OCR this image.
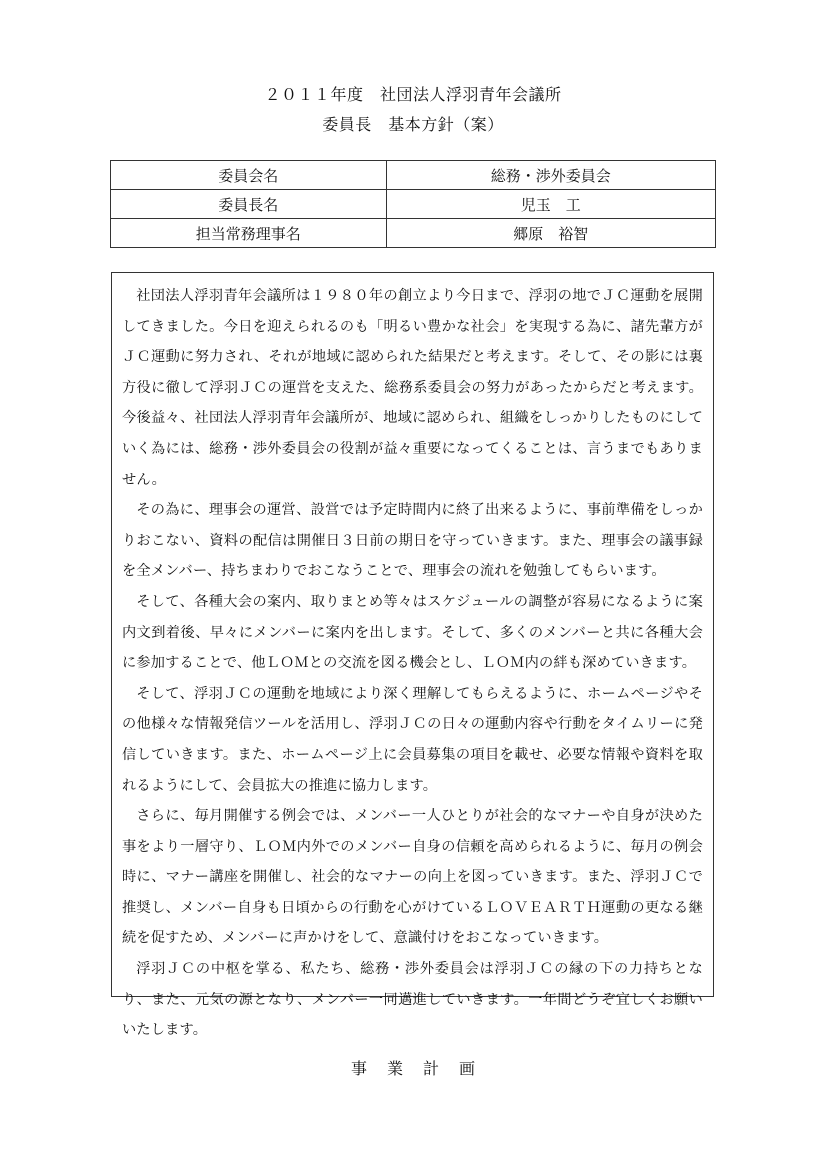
２０１１年度　社団法人浮羽青年会議所
委員長　基本方針（案）
委員会名	総務・渉外委員会
委員長名	児玉　工
担当常務理事名	郷原　裕智

社団法人浮羽青年会議所は１９８０年の創立より今日まで、浮羽の地でＪＣ運動を展開してきました。今日を迎えられるのも「明るい豊かな社会」を実現する為に、諸先輩方がＪＣ運動に努力され、それが地域に認められた結果だと考えます。そして、その影には裏方役に徹して浮羽ＪＣの運営を支えた、総務系委員会の努力があったからだと考えます。今後益々、社団法人浮羽青年会議所が、地域に認められ、組織をしっかりしたものにしていく為には、総務・渉外委員会の役割が益々重要になってくることは、言うまでもありません。

その為に、理事会の運営、設営では予定時間内に終了出来るように、事前準備をしっかりおこない、資料の配信は開催日３日前の期日を守っていきます。また、理事会の議事録を全メンバー、持ちまわりでおこなうことで、理事会の流れを勉強してもらいます。

そして、各種大会の案内、取りまとめ等々はスケジュールの調整が容易になるように案内文到着後、早々にメンバーに案内を出します。そして、多くのメンバーと共に各種大会に参加することで、他ＬＯＭとの交流を図る機会とし、ＬＯＭ内の絆も深めていきます。

そして、浮羽ＪＣの運動を地域により深く理解してもらえるように、ホームページやその他様々な情報発信ツールを活用し、浮羽ＪＣの日々の運動内容や行動をタイムリーに発信していきます。また、ホームページ上に会員募集の項目を載せ、必要な情報や資料を取れるようにして、会員拡大の推進に協力します。

さらに、毎月開催する例会では、メンバー一人ひとりが社会的なマナーや自身が決めた事をより一層守り、ＬＯＭ内外でのメンバー自身の信頼を高められるように、毎月の例会時に、マナー講座を開催し、社会的なマナーの向上を図っていきます。また、浮羽ＪＣで推奨し、メンバー自身も日頃からの行動を心がけているＬＯＶＥＡＲＴＨ運動の更なる継続を促すため、メンバーに声かけをして、意識付けをおこなっていきます。

浮羽ＪＣの中枢を掌る、私たち、総務・渉外委員会は浮羽ＪＣの縁の下の力持ちとなり、また、元気の源となり、メンバー一同邁進していきます。一年間どうぞ宜しくお願いいたします。

事業計画
